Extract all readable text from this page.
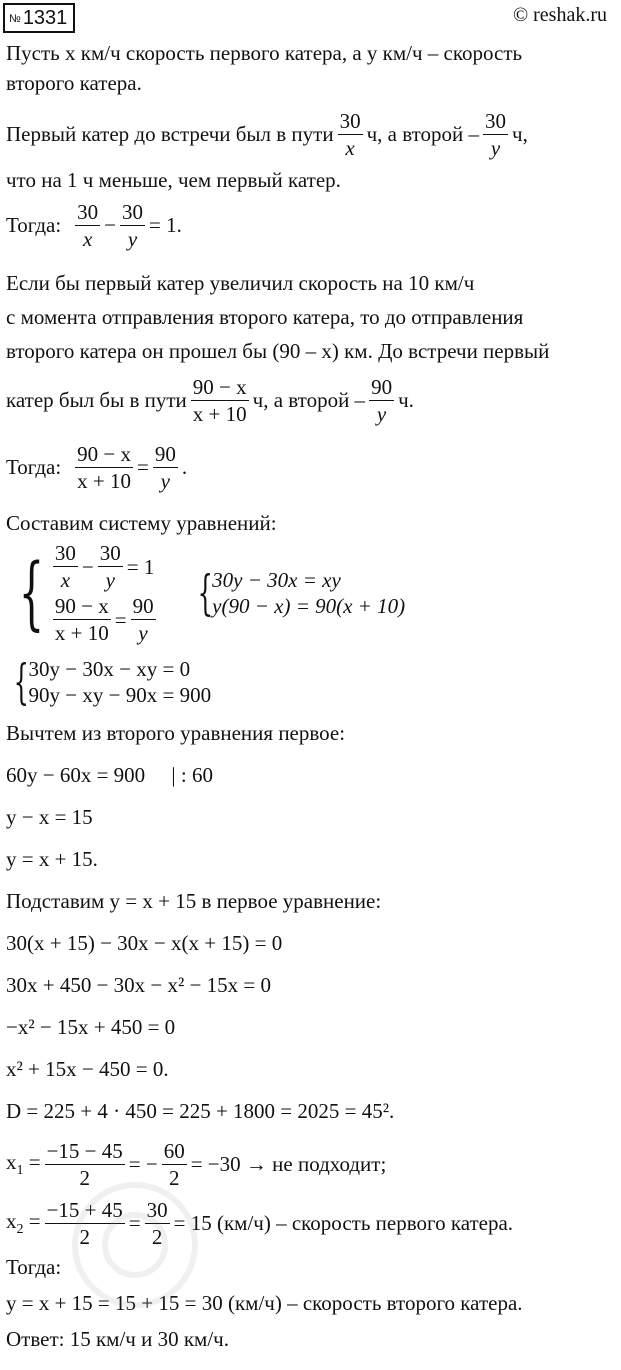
№ 1331	© reshak.ru
Пусть x км/ч скорость первого катера, а y км/ч – скорость
второго катера.
Первый катер до встречи был в пути $\frac{30}{x} ч$, а второй – $\frac{30}{y} ч$,
что на 1 ч меньше, чем первый катер.
Тогда: $\frac{30}{x} - \frac{30}{y} = 1$.
Если бы первый катер увеличил скорость на 10 км/ч
с момента отправления второго катера, то до отправления
второго катера он прошел бы (90 – x) км. До встречи первый
катер был бы в пути $\frac{90 - x}{x + 10} ч$, а второй – $\frac{90}{y} ч$.
Тогда: $\frac{90 - x}{x + 10} = \frac{90}{y}$ .
Составим систему уравнений:
{ $\frac{30}{x} - \frac{30}{y} = 1$
$\frac{90 - x}{x + 10} = \frac{90}{y}$ { 30y − 30x = xy
y(90 − x) = 90(x + 10)
{ 30y − 30x − xy = 0
90y − xy − 90x = 900
Вычтем из второго уравнения первое:
60y − 60x = 900     | : 60
y − x = 15
y = x + 15.
Подставим y = x + 15 в первое уравнение:
30(x + 15) − 30x − x(x + 15) = 0
30x + 450 − 30x − x² − 15x = 0
−x² − 15x + 450 = 0
x² + 15x − 450 = 0.
D = 225 + 4 · 450 = 225 + 1800 = 2025 = 45².
$x_1 = \frac{-15 - 45}{2}$ = − $\frac{60}{2} = -30$ → не подходит;
$x_2 = \frac{-15 + 45}{2} = \frac{30}{2} = 15$ (км/ч) – скорость первого катера.
Тогда:
y = x + 15 = 15 + 15 = 30 (км/ч) – скорость второго катера.
Ответ: 15 км/ч и 30 км/ч.
